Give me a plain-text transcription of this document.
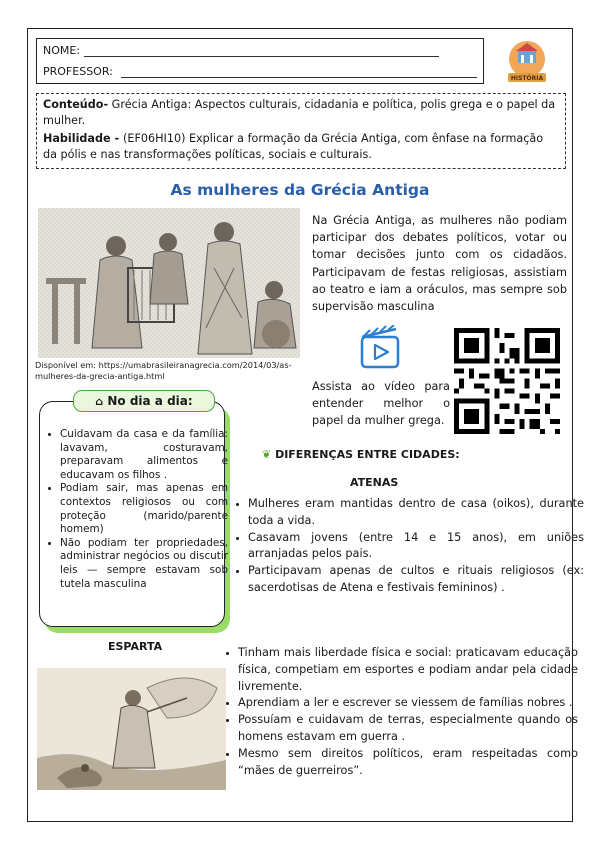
NOME:
PROFESSOR:
HISTÓRIA

Conteúdo- Grécia Antiga: Aspectos culturais, cidadania e política, polis grega e o papel da mulher.

Habilidade - (EF06HI10) Explicar a formação da Grécia Antiga, com ênfase na formação da pólis e nas transformações políticas, sociais e culturais.

As mulheres da Grécia Antiga
Disponível em: https://umabrasileiranagrecia.com/2014/03/as-mulheres-da-grecia-antiga.html
Na Grécia Antiga, as mulheres não podiam participar dos debates políticos, votar ou tomar decisões junto com os cidadãos. Participavam de festas religiosas, assistiam ao teatro e iam a oráculos, mas sempre sob supervisão masculina
Assista ao vídeo para entender melhor o papel da mulher grega.
⌂ No dia a dia:
• Cuidavam da casa e da família: lavavam, costuravam, preparavam alimentos e educavam os filhos .
• Podiam sair, mas apenas em contextos religiosos ou com proteção (marido/parente homem)
• Não podiam ter propriedades, administrar negócios ou discutir leis — sempre estavam sob tutela masculina
❦ DIFERENÇAS ENTRE CIDADES:
ATENAS
• Mulheres eram mantidas dentro de casa (oikos), durante toda a vida.
• Casavam jovens (entre 14 e 15 anos), em uniões arranjadas pelos pais.
• Participavam apenas de cultos e rituais religiosos (ex: sacerdotisas de Atena e festivais femininos) .
ESPARTA
•	Tinham mais liberdade física e social: praticavam educação física, competiam em esportes e podiam andar pela cidade livremente.
• Aprendiam a ler e escrever se viessem de famílias nobres .
• Possuíam e cuidavam de terras, especialmente quando os homens estavam em guerra .
• Mesmo sem direitos políticos, eram respeitadas como “mães de guerreiros”.
